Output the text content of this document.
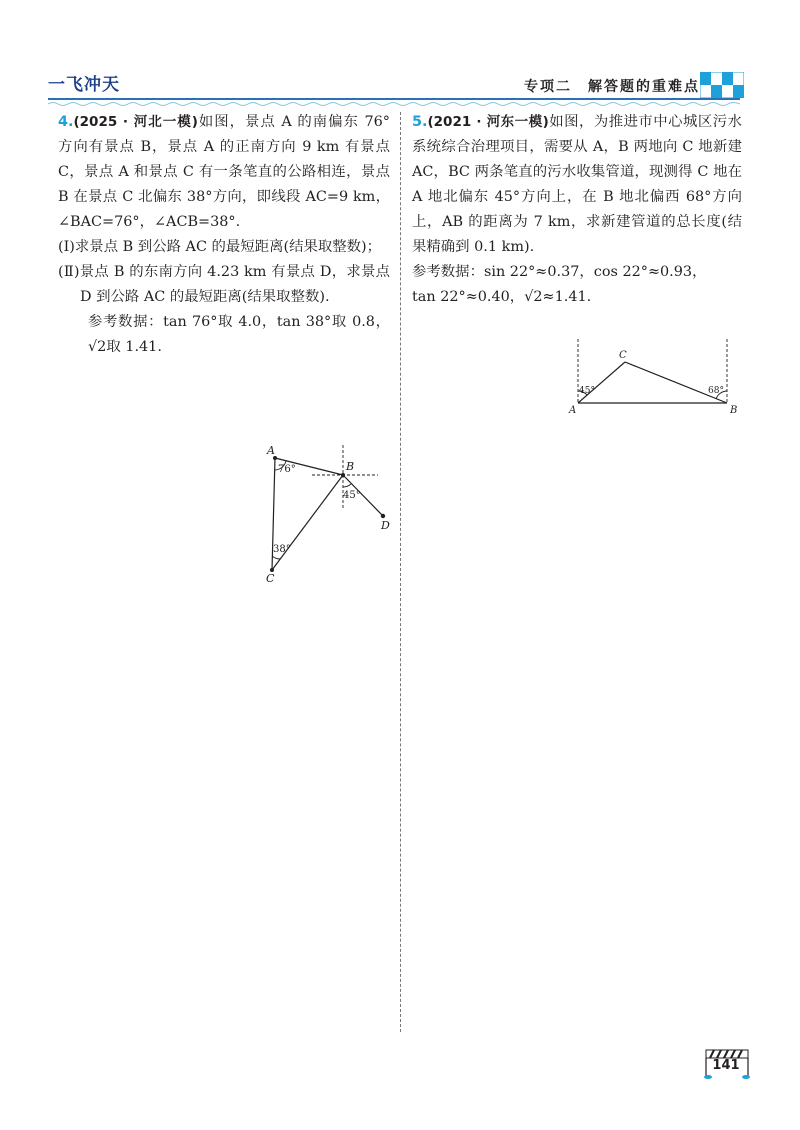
一飞冲天	专项二　解答题的重难点

4.(2025 · 河北一模)如图，景点 A 的南偏东 76° 方向有景点 B，景点 A 的正南方向 9 km 有景点 C，景点 A 和景点 C 有一条笔直的公路相连，景点 B 在景点 C 北偏东 38°方向，即线段 AC=9 km，∠BAC=76°，∠ACB=38°.

(Ⅰ)求景点 B 到公路 AC 的最短距离(结果取整数)；

(Ⅱ)景点 B 的东南方向 4.23 km 有景点 D，求景点 D 到公路 AC 的最短距离(结果取整数).

参考数据：tan 76°取 4.0，tan 38°取 0.8，√2取 1.41.

A
B
C
D
76°
38°
45°

5.(2021 · 河东一模)如图，为推进市中心城区污水系统综合治理项目，需要从 A，B 两地向 C 地新建 AC，BC 两条笔直的污水收集管道，现测得 C 地在 A 地北偏东 45°方向上，在 B 地北偏西 68°方向上，AB 的距离为 7 km，求新建管道的总长度(结果精确到 0.1 km).

参考数据：sin 22°≈0.37，cos 22°≈0.93，

tan 22°≈0.40，√2≈1.41.

A	B
C
45°	68°
141
